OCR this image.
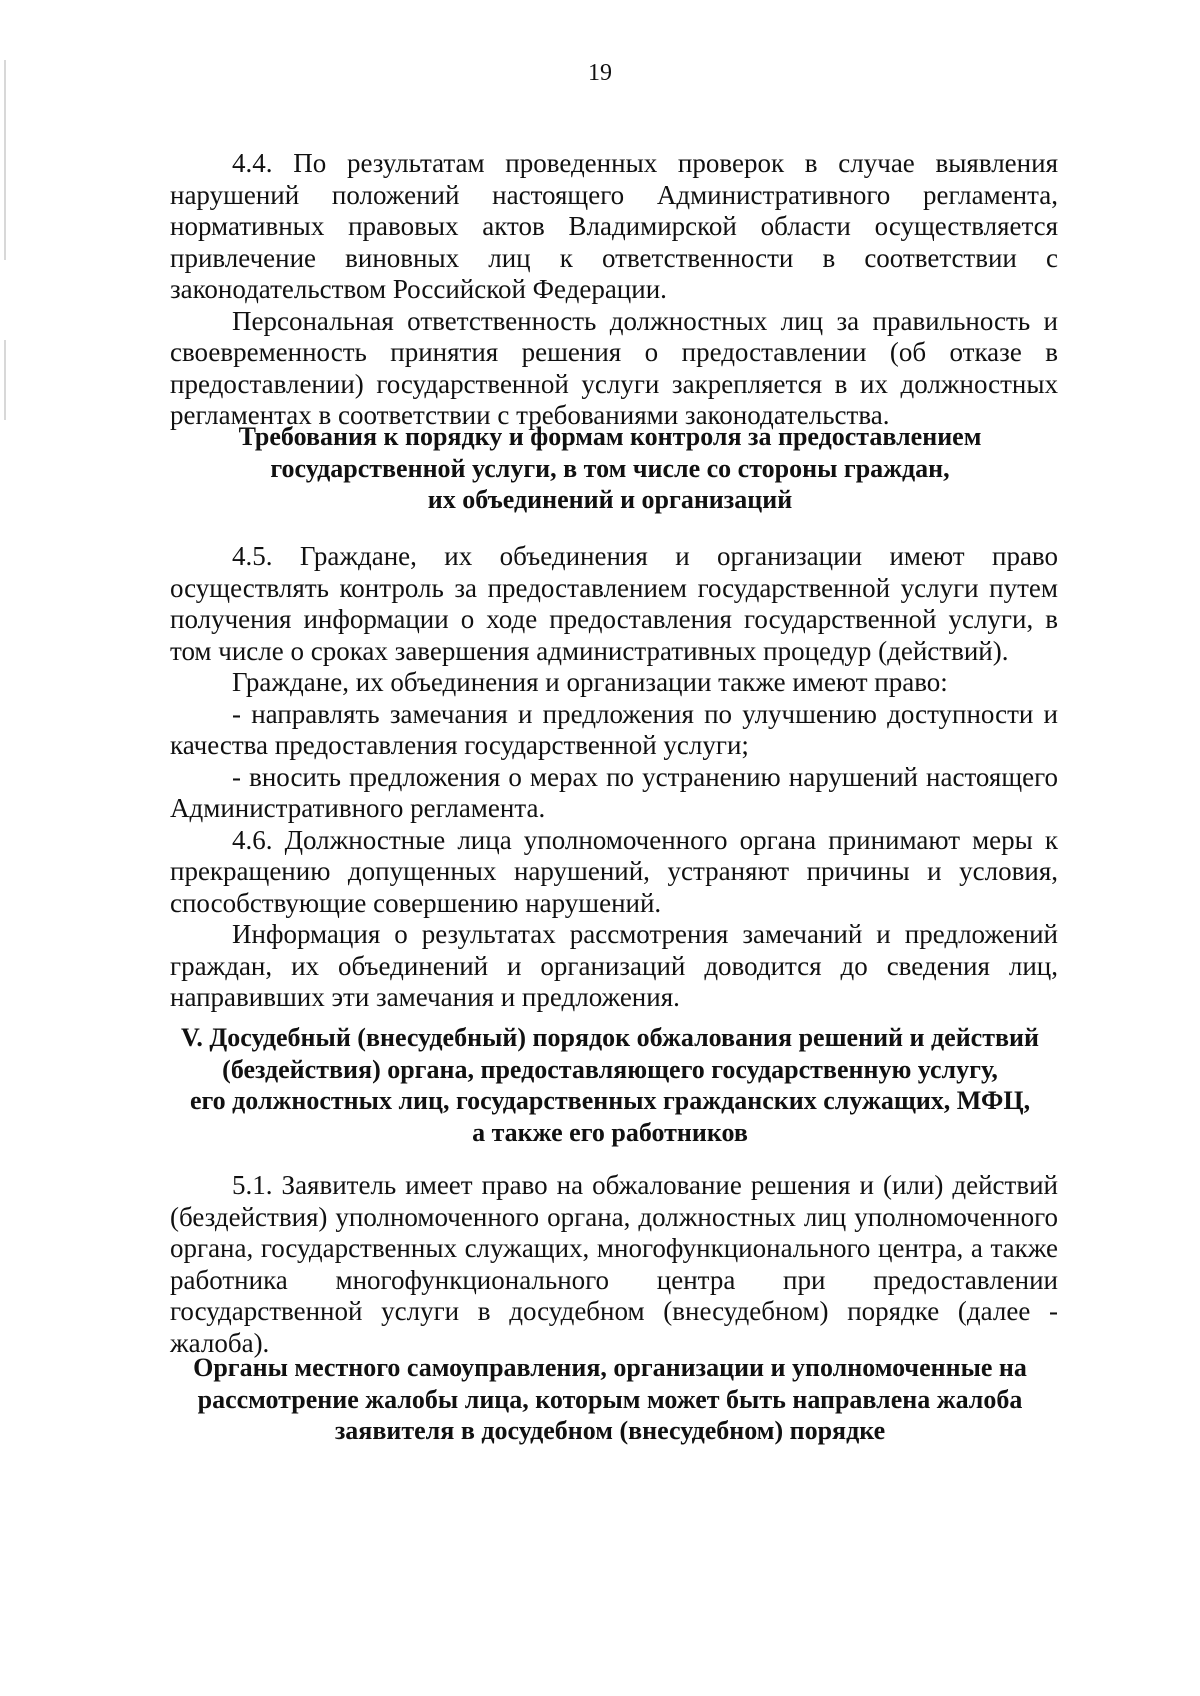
19

4.4. По результатам проведенных проверок в случае выявления нарушений положений настоящего Административного регламента, нормативных правовых актов Владимирской области осуществляется привлечение виновных лиц к ответственности в соответствии с законодательством Российской Федерации.

Персональная ответственность должностных лиц за правильность и своевременность принятия решения о предоставлении (об отказе в предоставлении) государственной услуги закрепляется в их должностных регламентах в соответствии с требованиями законодательства.

Требования к порядку и формам контроля за предоставлением
государственной услуги, в том числе со стороны граждан,
их объединений и организаций

4.5. Граждане, их объединения и организации имеют право осуществлять контроль за предоставлением государственной услуги путем получения информации о ходе предоставления государственной услуги, в том числе о сроках завершения административных процедур (действий).

Граждане, их объединения и организации также имеют право:

- направлять замечания и предложения по улучшению доступности и качества предоставления государственной услуги;

- вносить предложения о мерах по устранению нарушений настоящего Административного регламента.

4.6. Должностные лица уполномоченного органа принимают меры к прекращению допущенных нарушений, устраняют причины и условия, способствующие совершению нарушений.

Информация о результатах рассмотрения замечаний и предложений граждан, их объединений и организаций доводится до сведения лиц, направивших эти замечания и предложения.

V. Досудебный (внесудебный) порядок обжалования решений и действий
(бездействия) органа, предоставляющего государственную услугу,
его должностных лиц, государственных гражданских служащих, МФЦ,
а также его работников

5.1. Заявитель имеет право на обжалование решения и (или) действий (бездействия) уполномоченного органа, должностных лиц уполномоченного органа, государственных служащих, многофункционального центра, а также работника многофункционального центра при предоставлении государственной услуги в досудебном (внесудебном) порядке (далее - жалоба).

Органы местного самоуправления, организации и уполномоченные на
рассмотрение жалобы лица, которым может быть направлена жалоба
заявителя в досудебном (внесудебном) порядке
